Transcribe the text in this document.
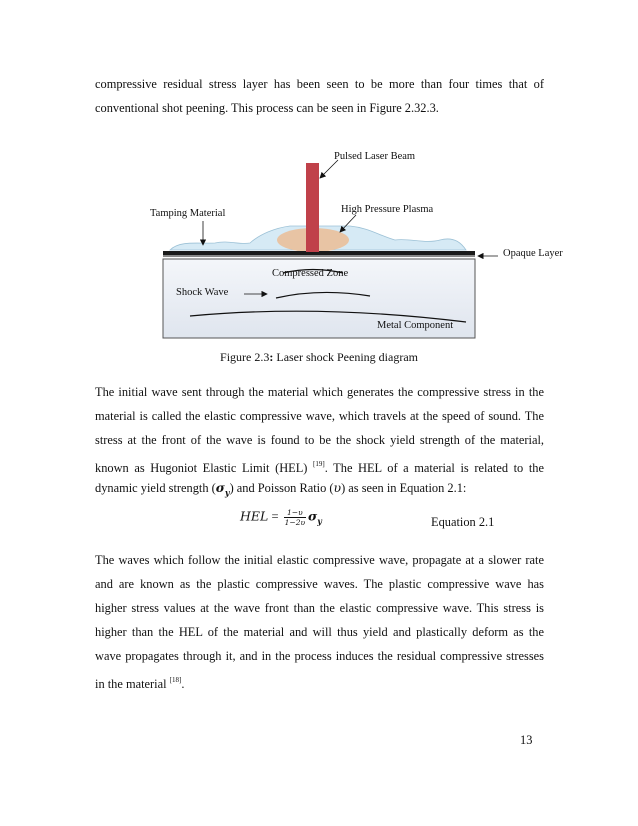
compressive residual stress layer has been seen to be more than four times that of
conventional shot peening. This process can be seen in Figure 2.32.3.
Pulsed Laser Beam
Tamping Material	High Pressure Plasma
Opaque Layer
Compressed Zone
Shock Wave
Metal Component
Figure 2.3: Laser shock Peening diagram
The initial wave sent through the material which generates the compressive stress in the
material is called the elastic compressive wave, which travels at the speed of sound. The
stress at the front of the wave is found to be the shock yield strength of the material,
known as Hugoniot Elastic Limit (HEL) [19]. The HEL of a material is related to the
dynamic yield strength $(\sigma_y)$ and Poisson Ratio (υ) as seen in Equation 2.1:
HEL = $\frac{1-\upsilon}{1-2\upsilon} \sigma_y$	Equation 2.1
The waves which follow the initial elastic compressive wave, propagate at a slower rate
and are known as the plastic compressive waves. The plastic compressive wave has
higher stress values at the wave front than the elastic compressive wave. This stress is
higher than the HEL of the material and will thus yield and plastically deform as the
wave propagates through it, and in the process induces the residual compressive stresses
in the material [18].
13
